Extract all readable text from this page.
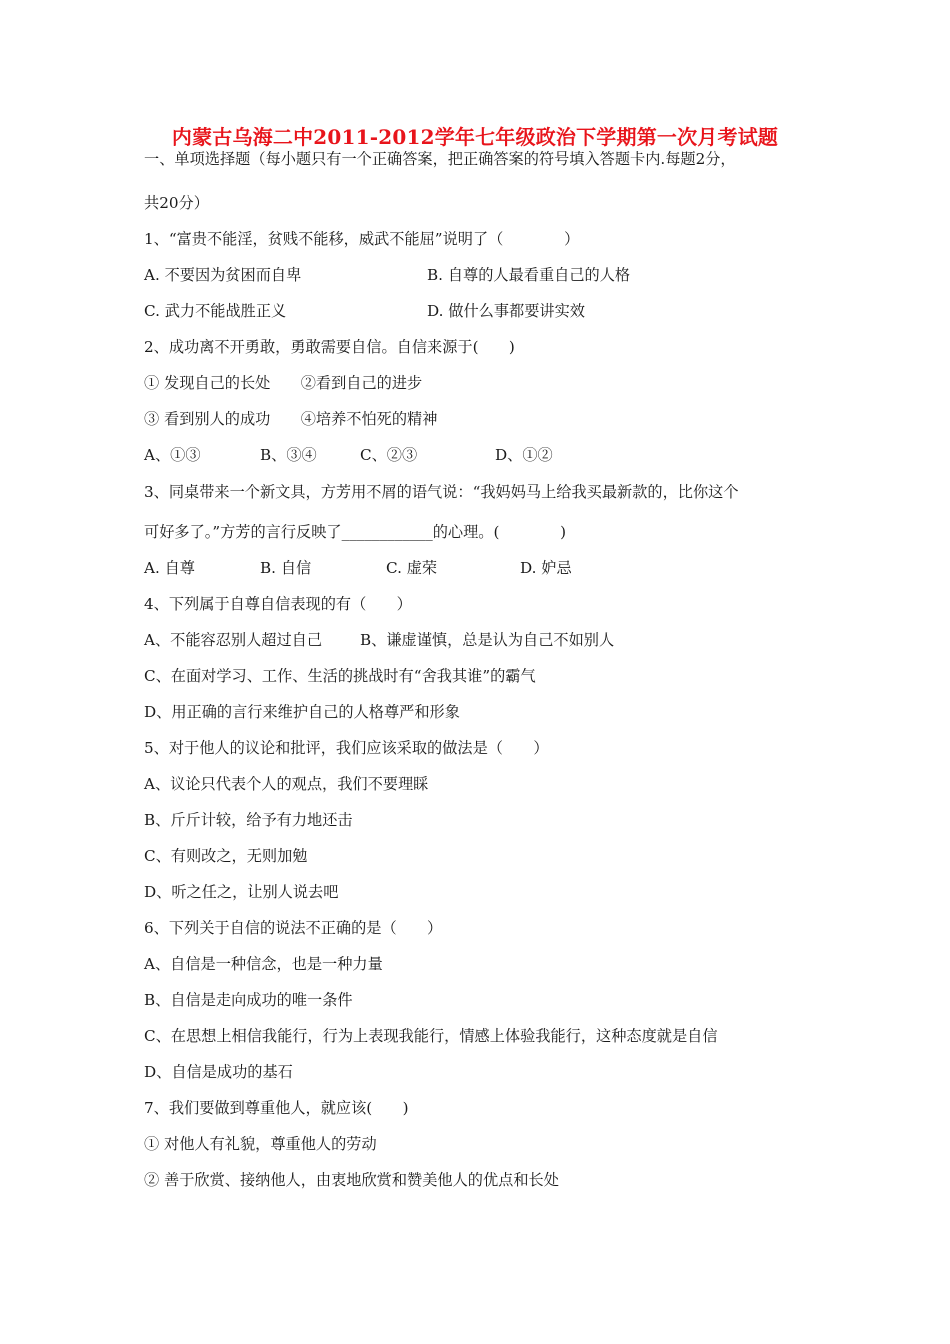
内蒙古乌海二中2011-2012学年七年级政治下学期第一次月考试题
一、单项选择题（每小题只有一个正确答案，把正确答案的符号填入答题卡内.每题2分，
共20分）
1、“富贵不能淫，贫贱不能移，威武不能屈”说明了（　　　　）
A. 不要因为贫困而自卑	B. 自尊的人最看重自己的人格
C. 武力不能战胜正义	D. 做什么事都要讲实效
2、成功离不开勇敢，勇敢需要自信。自信来源于(　　)
① 发现自己的长处　　②看到自己的进步
③ 看到别人的成功　　④培养不怕死的精神
A、①③	B、③④	C、②③	D、①②
3、同桌带来一个新文具，方芳用不屑的语气说：“我妈妈马上给我买最新款的，比你这个
可好多了。”方芳的言行反映了____________的心理。(　　　　)
A. 自尊	B. 自信	C. 虚荣	D. 妒忌
4、下列属于自尊自信表现的有（　　）
A、不能容忍别人超过自己 B、谦虚谨慎，总是认为自己不如别人
C、在面对学习、工作、生活的挑战时有“舍我其谁”的霸气
D、用正确的言行来维护自己的人格尊严和形象
5、对于他人的议论和批评，我们应该采取的做法是（　　）
A、议论只代表个人的观点，我们不要理睬
B、斤斤计较，给予有力地还击
C、有则改之，无则加勉
D、听之任之，让别人说去吧
6、下列关于自信的说法不正确的是（　　）
A、自信是一种信念，也是一种力量
B、自信是走向成功的唯一条件
C、在思想上相信我能行，行为上表现我能行，情感上体验我能行，这种态度就是自信
D、自信是成功的基石
7、我们要做到尊重他人，就应该(　　)
① 对他人有礼貌，尊重他人的劳动
② 善于欣赏、接纳他人，由衷地欣赏和赞美他人的优点和长处
